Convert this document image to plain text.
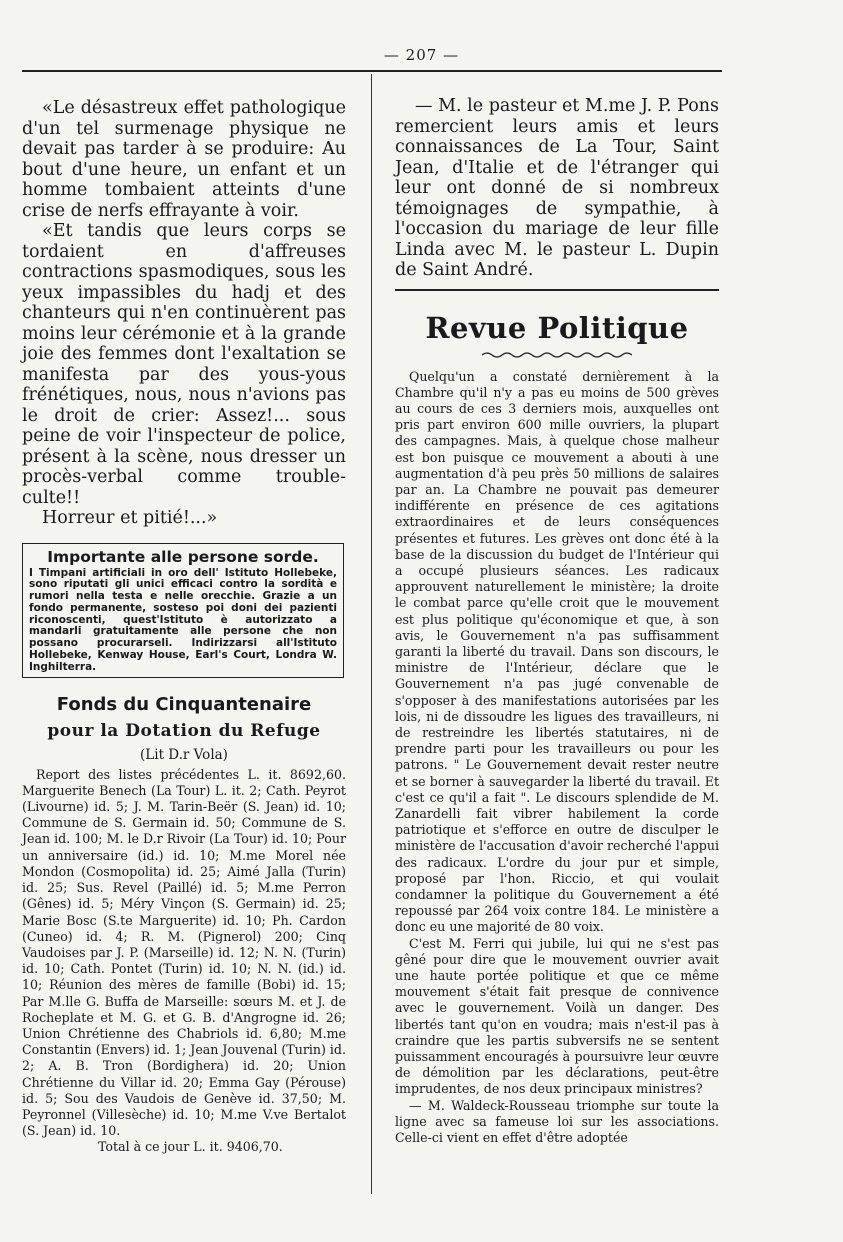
— 207 —

«Le désastreux effet pathologique d'un tel surmenage physique ne devait pas tarder à se produire: Au bout d'une heure, un enfant et un homme tombaient atteints d'une crise de nerfs effrayante à voir.

«Et tandis que leurs corps se tordaient en d'affreuses contractions spasmodiques, sous les yeux impassibles du hadj et des chanteurs qui n'en continuèrent pas moins leur cérémonie et à la grande joie des femmes dont l'exaltation se manifesta par des yous-yous frénétiques, nous, nous n'avions pas le droit de crier: Assez!... sous peine de voir l'inspecteur de police, présent à la scène, nous dresser un procès-verbal comme trouble-culte!!

Horreur et pitié!...»

Importante alle persone sorde.

I Timpani artificiali in oro dell' Istituto Hollebeke, sono riputati gli unici efficaci contro la sordità e rumori nella testa e nelle orecchie. Grazie a un fondo permanente, sosteso poi doni dei pazienti riconoscenti, quest'Istituto è autorizzato a mandarli gratuitamente alle persone che non possano procurarseli. Indirizzarsi all'Istituto Hollebeke, Kenway House, Earl's Court, Londra W. Inghilterra.

Fonds du Cinquantenaire
pour la Dotation du Refuge
(Lit D.r Vola)

Report des listes précédentes L. it. 8692,60. Marguerite Benech (La Tour) L. it. 2; Cath. Peyrot (Livourne) id. 5; J. M. Tarin-Beër (S. Jean) id. 10; Commune de S. Germain id. 50; Commune de S. Jean id. 100; M. le D.r Rivoir (La Tour) id. 10; Pour un anniversaire (id.) id. 10; M.me Morel née Mondon (Cosmopolita) id. 25; Aimé Jalla (Turin) id. 25; Sus. Revel (Paillé) id. 5; M.me Perron (Gênes) id. 5; Méry Vinçon (S. Germain) id. 25; Marie Bosc (S.te Marguerite) id. 10; Ph. Cardon (Cuneo) id. 4; R. M. (Pignerol) 200; Cinq Vaudoises par J. P. (Marseille) id. 12; N. N. (Turin) id. 10; Cath. Pontet (Turin) id. 10; N. N. (id.) id. 10; Réunion des mères de famille (Bobi) id. 15; Par M.lle G. Buffa de Marseille: sœurs M. et J. de Rocheplate et M. G. et G. B. d'Angrogne id. 26; Union Chrétienne des Chabriols id. 6,80; M.me Constantin (Envers) id. 1; Jean Jouvenal (Turin) id. 2; A. B. Tron (Bordighera) id. 20; Union Chrétienne du Villar id. 20; Emma Gay (Pérouse) id. 5; Sou des Vaudois de Genève id. 37,50; M. Peyronnel (Villesèche) id. 10; M.me V.ve Bertalot (S. Jean) id. 10.

Total à ce jour L. it. 9406,70.

— M. le pasteur et M.me J. P. Pons remercient leurs amis et leurs connaissances de La Tour, Saint Jean, d'Italie et de l'étranger qui leur ont donné de si nombreux témoignages de sympathie, à l'occasion du mariage de leur fille Linda avec M. le pasteur L. Dupin de Saint André.

Revue Politique

Quelqu'un a constaté dernièrement à la Chambre qu'il n'y a pas eu moins de 500 grèves au cours de ces 3 derniers mois, auxquelles ont pris part environ 600 mille ouvriers, la plupart des campagnes. Mais, à quelque chose malheur est bon puisque ce mouvement a abouti à une augmentation d'à peu près 50 millions de salaires par an. La Chambre ne pouvait pas demeurer indifférente en présence de ces agitations extraordinaires et de leurs conséquences présentes et futures. Les grèves ont donc été à la base de la discussion du budget de l'Intérieur qui a occupé plusieurs séances. Les radicaux approuvent naturellement le ministère; la droite le combat parce qu'elle croit que le mouvement est plus politique qu'économique et que, à son avis, le Gouvernement n'a pas suffisamment garanti la liberté du travail. Dans son discours, le ministre de l'Intérieur, déclare que le Gouvernement n'a pas jugé convenable de s'opposer à des manifestations autorisées par les lois, ni de dissoudre les ligues des travailleurs, ni de restreindre les libertés statutaires, ni de prendre parti pour les travailleurs ou pour les patrons. " Le Gouvernement devait rester neutre et se borner à sauvegarder la liberté du travail. Et c'est ce qu'il a fait ". Le discours splendide de M. Zanardelli fait vibrer habilement la corde patriotique et s'efforce en outre de disculper le ministère de l'accusation d'avoir recherché l'appui des radicaux. L'ordre du jour pur et simple, proposé par l'hon. Riccio, et qui voulait condamner la politique du Gouvernement a été repoussé par 264 voix contre 184. Le ministère a donc eu une majorité de 80 voix.

C'est M. Ferri qui jubile, lui qui ne s'est pas gêné pour dire que le mouvement ouvrier avait une haute portée politique et que ce même mouvement s'était fait presque de connivence avec le gouvernement. Voilà un danger. Des libertés tant qu'on en voudra; mais n'est-il pas à craindre que les partis subversifs ne se sentent puissamment encouragés à poursuivre leur œuvre de démolition par les déclarations, peut-être imprudentes, de nos deux principaux ministres?

— M. Waldeck-Rousseau triomphe sur toute la ligne avec sa fameuse loi sur les associations. Celle-ci vient en effet d'être adoptée
